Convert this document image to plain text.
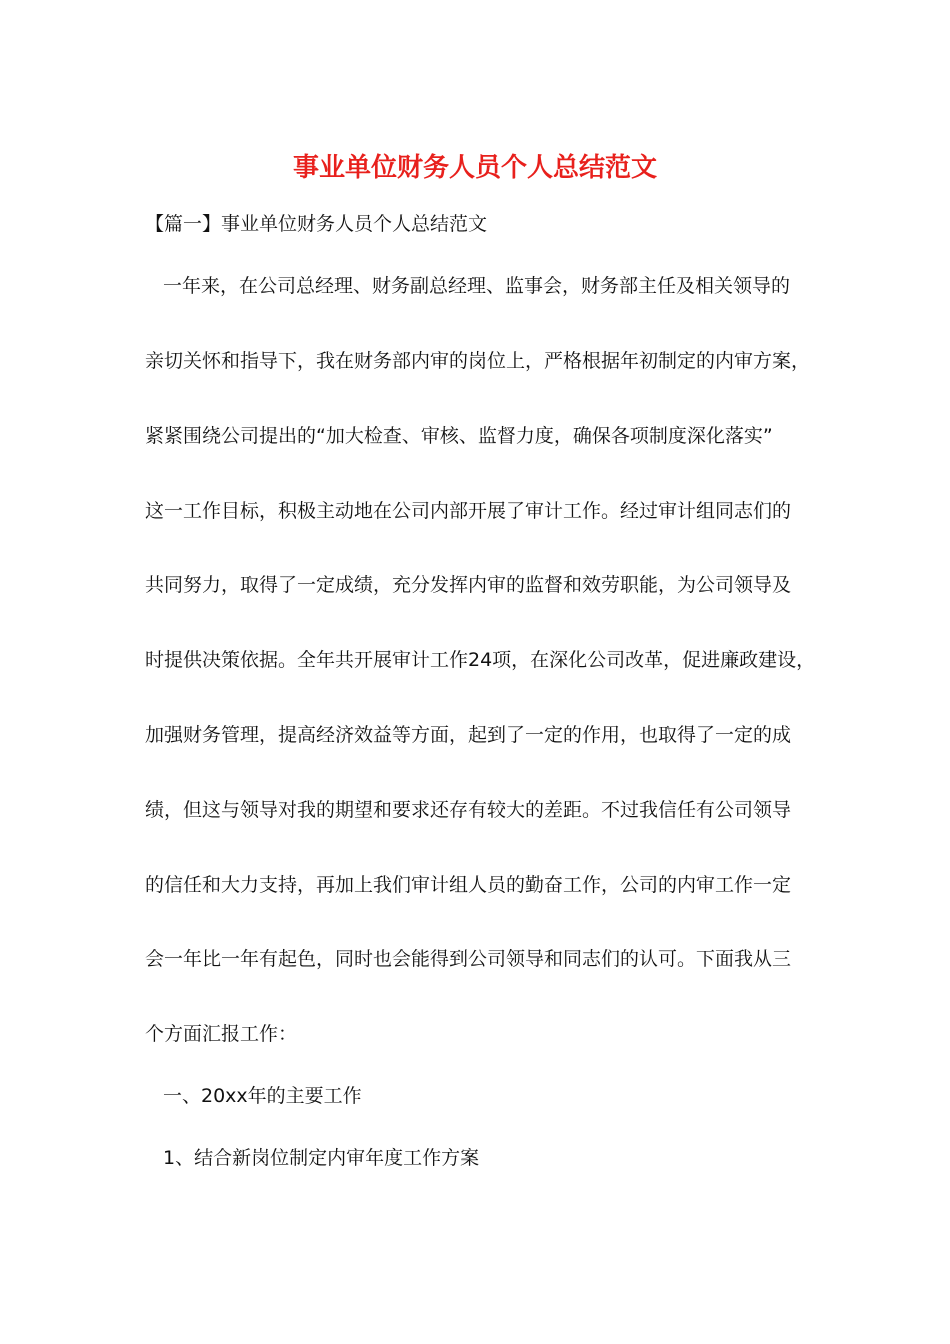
事业单位财务人员个人总结范文

【篇一】事业单位财务人员个人总结范文

一年来，在公司总经理、财务副总经理、监事会，财务部主任及相关领导的

亲切关怀和指导下，我在财务部内审的岗位上，严格根据年初制定的内审方案，

紧紧围绕公司提出的“加大检查、审核、监督力度，确保各项制度深化落实”

这一工作目标，积极主动地在公司内部开展了审计工作。经过审计组同志们的

共同努力，取得了一定成绩，充分发挥内审的监督和效劳职能，为公司领导及

时提供决策依据。全年共开展审计工作24项，在深化公司改革，促进廉政建设，

加强财务管理，提高经济效益等方面，起到了一定的作用，也取得了一定的成

绩，但这与领导对我的期望和要求还存有较大的差距。不过我信任有公司领导

的信任和大力支持，再加上我们审计组人员的勤奋工作，公司的内审工作一定

会一年比一年有起色，同时也会能得到公司领导和同志们的认可。下面我从三

个方面汇报工作：

一、20xx年的主要工作

1、结合新岗位制定内审年度工作方案
